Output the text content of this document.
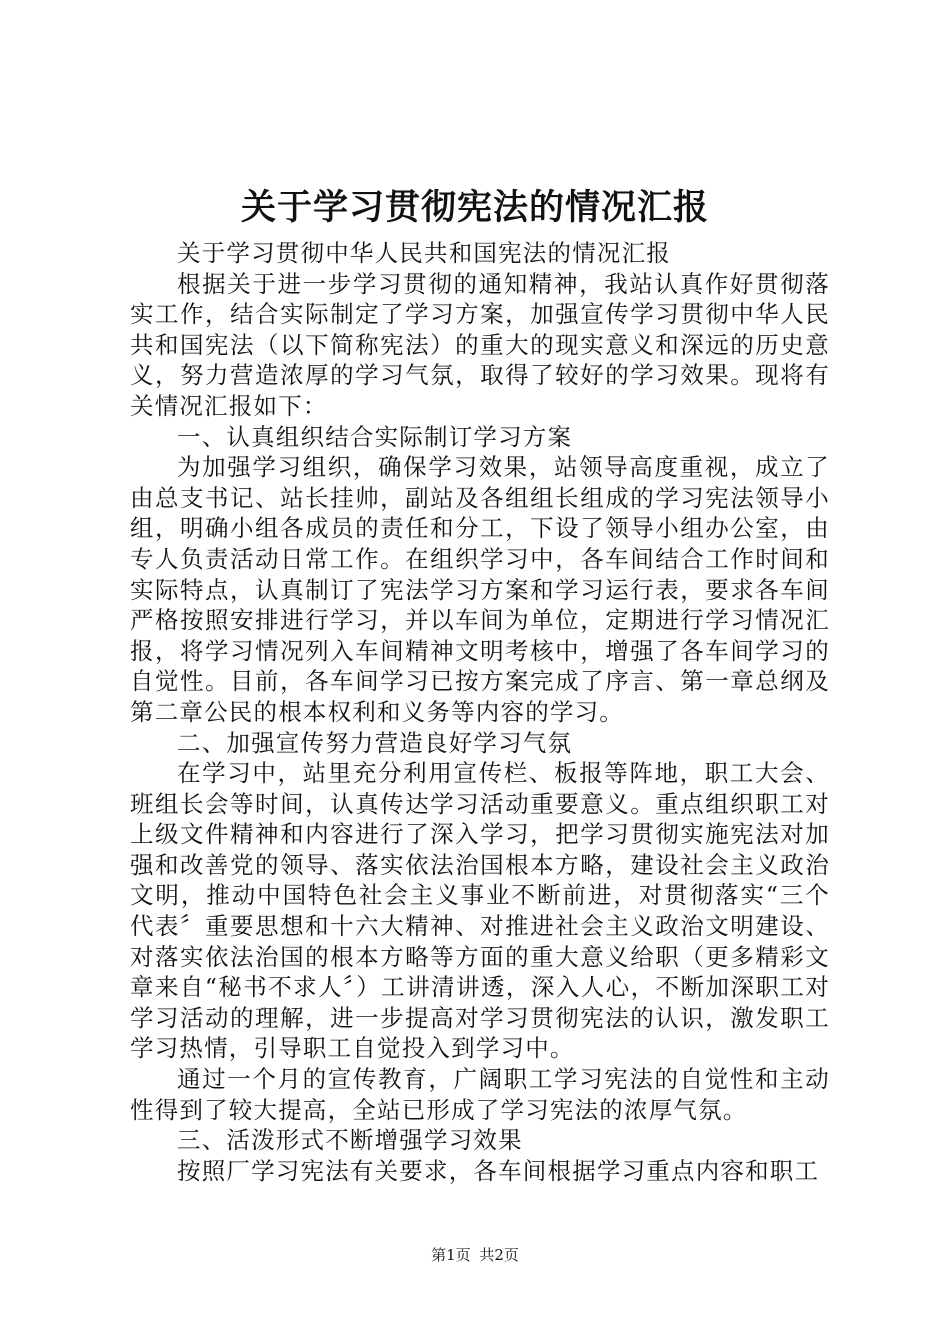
关于学习贯彻宪法的情况汇报

关于学习贯彻中华人民共和国宪法的情况汇报

根据关于进一步学习贯彻的通知精神，我站认真作好贯彻落实工作，结合实际制定了学习方案，加强宣传学习贯彻中华人民共和国宪法（以下简称宪法）的重大的现实意义和深远的历史意义，努力营造浓厚的学习气氛，取得了较好的学习效果。现将有关情况汇报如下：

一、认真组织结合实际制订学习方案

为加强学习组织，确保学习效果，站领导高度重视，成立了由总支书记、站长挂帅，副站及各组组长组成的学习宪法领导小组，明确小组各成员的责任和分工，下设了领导小组办公室，由专人负责活动日常工作。在组织学习中，各车间结合工作时间和实际特点，认真制订了宪法学习方案和学习运行表，要求各车间严格按照安排进行学习，并以车间为单位，定期进行学习情况汇报，将学习情况列入车间精神文明考核中，增强了各车间学习的自觉性。目前，各车间学习已按方案完成了序言、第一章总纲及第二章公民的根本权利和义务等内容的学习。

二、加强宣传努力营造良好学习气氛

在学习中，站里充分利用宣传栏、板报等阵地，职工大会、班组长会等时间，认真传达学习活动重要意义。重点组织职工对上级文件精神和内容进行了深入学习，把学习贯彻实施宪法对加强和改善党的领导、落实依法治国根本方略，建设社会主义政治文明，推动中国特色社会主义事业不断前进，对贯彻落实“三个代表〞重要思想和十六大精神、对推进社会主义政治文明建设、对落实依法治国的根本方略等方面的重大意义给职（更多精彩文章来自“秘书不求人〞）工讲清讲透，深入人心，不断加深职工对学习活动的理解，进一步提高对学习贯彻宪法的认识，激发职工学习热情，引导职工自觉投入到学习中。

通过一个月的宣传教育，广阔职工学习宪法的自觉性和主动性得到了较大提高，全站已形成了学习宪法的浓厚气氛。

三、活泼形式不断增强学习效果

按照厂学习宪法有关要求，各车间根据学习重点内容和职工

第1页 共2页
